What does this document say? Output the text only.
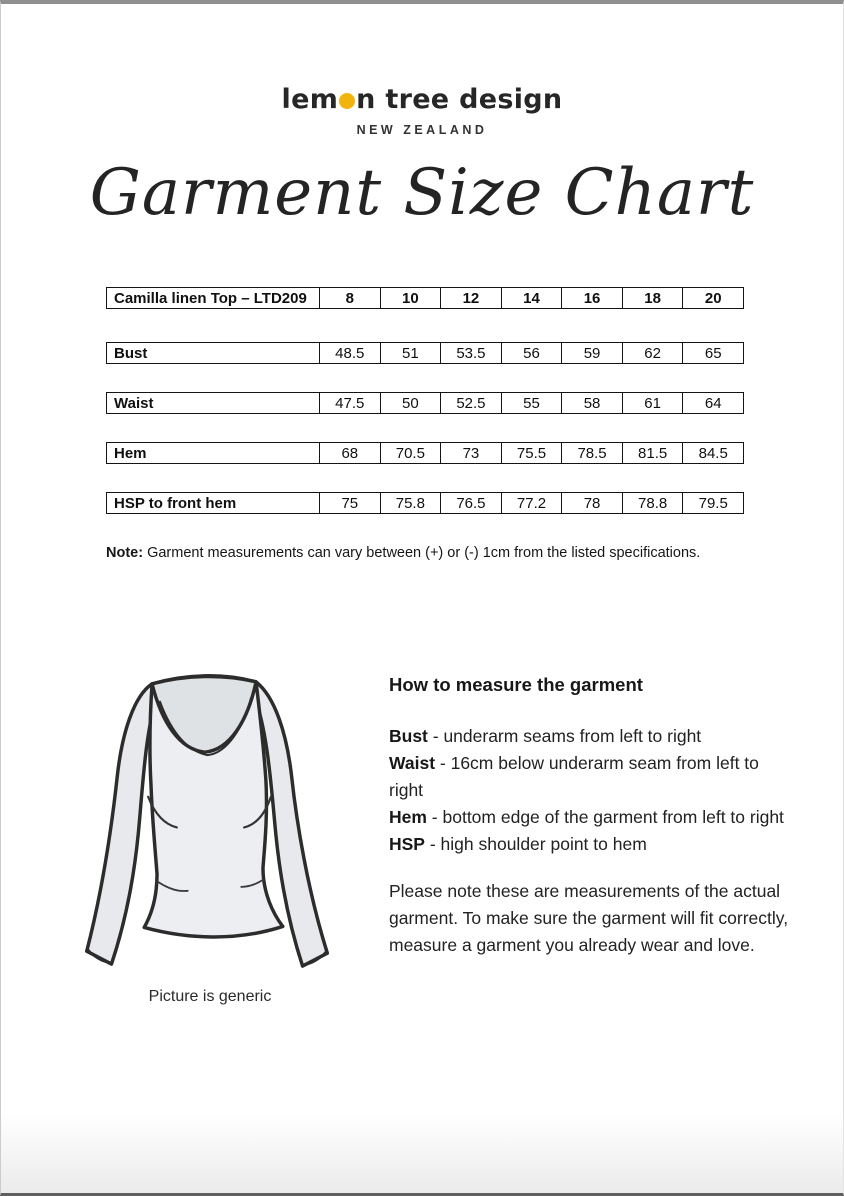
lem n tree design
NEW ZEALAND
Garment Size Chart
Camilla linen Top – LTD209	8	10	12	14	16	18	20
Bust	48.5	51	53.5	56	59	62	65
Waist	47.5	50	52.5	55	58	61	64
Hem	68	70.5	73	75.5	78.5	81.5	84.5
HSP to front hem	75	75.8	76.5	77.2	78	78.8	79.5

Note: Garment measurements can vary between (+) or (-) 1cm from the listed specifications.

Picture is generic
How to measure the garment

Bust - underarm seams from left to right

Waist - 16cm below underarm seam from left to right

Hem - bottom edge of the garment from left to right

HSP - high shoulder point to hem

Please note these are measurements of the actual garment. To make sure the garment will fit correctly, measure a garment you already wear and love.
